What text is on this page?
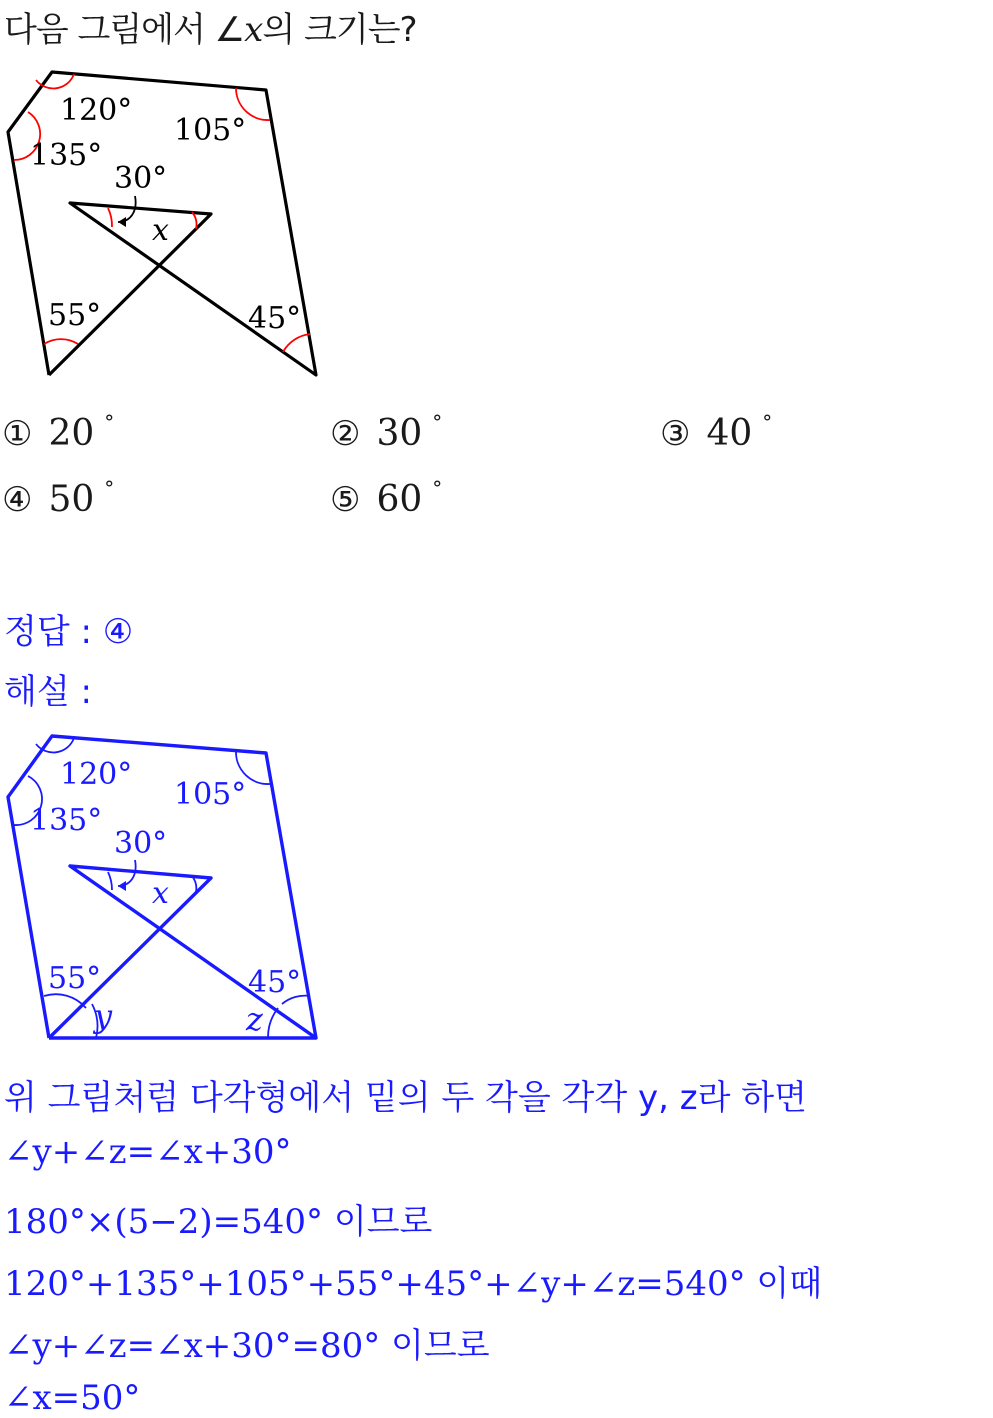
다음 그림에서 ∠x의 크기는?
120°
135°
105°
30°
x
55°	45°
① 20 °	② 30 °	③ 40 °
④ 50 °	⑤ 60 °
정답 : ④
해설 :
120°
135°
105°
30°
x
55°	45°
y	z
위 그림처럼 다각형에서 밑의 두 각을 각각 y, z라 하면
∠y+∠z=∠x+30°
180°×(5−2)=540° 이므로
120°+135°+105°+55°+45°+∠y+∠z=540° 이때
∠y+∠z=∠x+30°=80° 이므로
∠x=50°
